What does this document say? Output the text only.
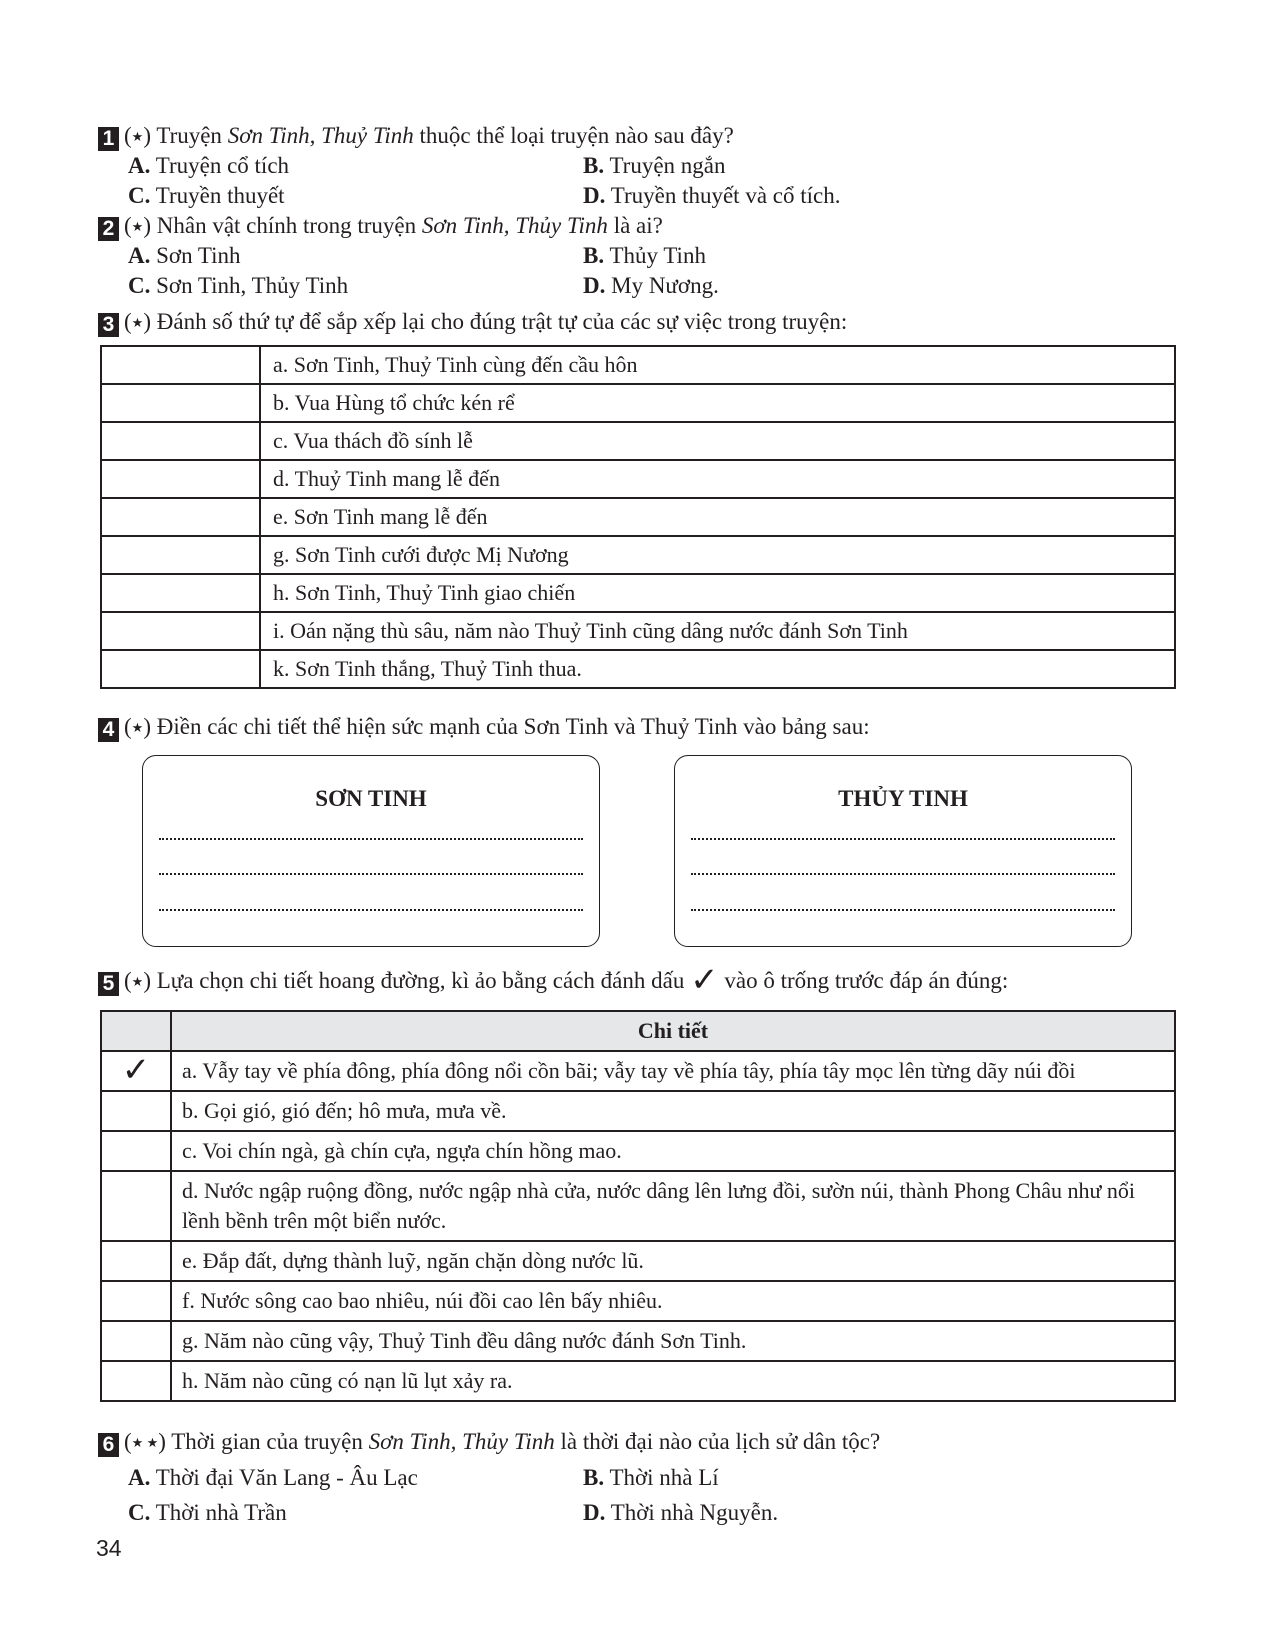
1 (★) Truyện Sơn Tinh, Thuỷ Tinh thuộc thể loại truyện nào sau đây?
A. Truyện cổ tích	B. Truyện ngắn
C. Truyền thuyết	D. Truyền thuyết và cổ tích.
2 (★) Nhân vật chính trong truyện Sơn Tinh, Thủy Tinh là ai?
A. Sơn Tinh	B. Thủy Tinh
C. Sơn Tinh, Thủy Tinh	D. My Nương.
3 (★) Đánh số thứ tự để sắp xếp lại cho đúng trật tự của các sự việc trong truyện:
	a. Sơn Tinh, Thuỷ Tinh cùng đến cầu hôn
	b. Vua Hùng tổ chức kén rể
	c. Vua thách đồ sính lễ
	d. Thuỷ Tinh mang lễ đến
	e. Sơn Tinh mang lễ đến
	g. Sơn Tinh cưới được Mị Nương
	h. Sơn Tinh, Thuỷ Tinh giao chiến
	i. Oán nặng thù sâu, năm nào Thuỷ Tinh cũng dâng nước đánh Sơn Tinh
	k. Sơn Tinh thắng, Thuỷ Tinh thua.
4 (★) Điền các chi tiết thể hiện sức mạnh của Sơn Tinh và Thuỷ Tinh vào bảng sau:
SƠN TINH	THỦY TINH
5 (★) Lựa chọn chi tiết hoang đường, kì ảo bằng cách đánh dấu ✓ vào ô trống trước đáp án đúng:
	Chi tiết
✓	a. Vẫy tay về phía đông, phía đông nổi cồn bãi; vẫy tay về phía tây, phía tây mọc lên từng dãy núi đồi
	b. Gọi gió, gió đến; hô mưa, mưa về.
	c. Voi chín ngà, gà chín cựa, ngựa chín hồng mao.
	d. Nước ngập ruộng đồng, nước ngập nhà cửa, nước dâng lên lưng đồi, sườn núi, thành Phong Châu như nổi lềnh bềnh trên một biển nước.
	e. Đắp đất, dựng thành luỹ, ngăn chặn dòng nước lũ.
	f. Nước sông cao bao nhiêu, núi đồi cao lên bấy nhiêu.
	g. Năm nào cũng vậy, Thuỷ Tinh đều dâng nước đánh Sơn Tinh.
	h. Năm nào cũng có nạn lũ lụt xảy ra.
6 (★ ★) Thời gian của truyện Sơn Tinh, Thủy Tinh là thời đại nào của lịch sử dân tộc?
A. Thời đại Văn Lang - Âu Lạc	B. Thời nhà Lí
C. Thời nhà Trần	D. Thời nhà Nguyễn.
34
